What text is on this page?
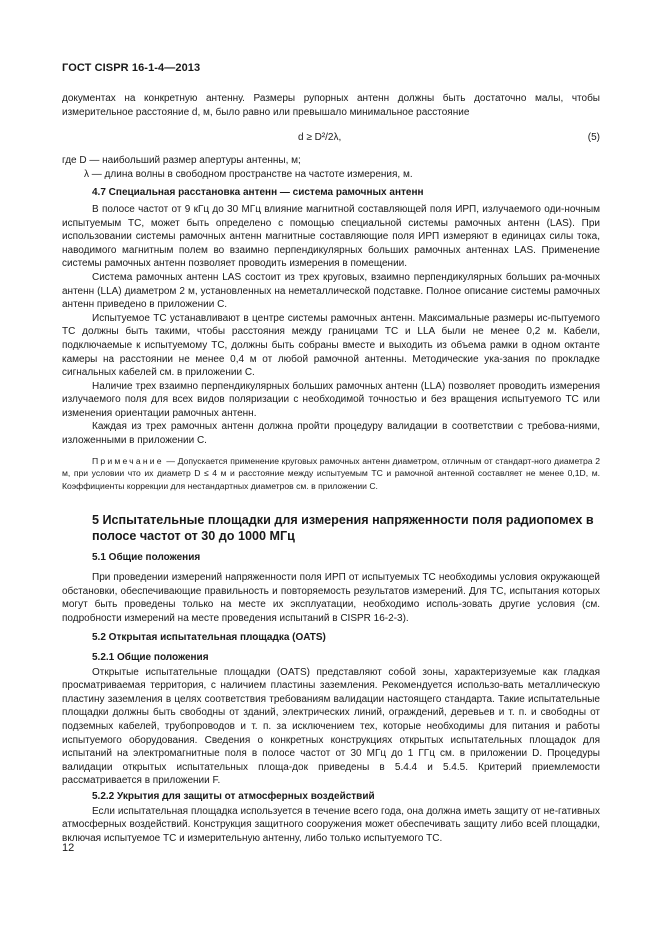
ГОСТ CISPR 16-1-4—2013

документах на конкретную антенну. Размеры рупорных антенн должны быть достаточно малы, чтобы измерительное расстояние d, м, было равно или превышало минимальное расстояние

d ≥ D²/2λ,	(5)

где D — наибольший размер апертуры антенны, м;

λ — длина волны в свободном пространстве на частоте измерения, м.

4.7 Специальная расстановка антенн — система рамочных антенн

В полосе частот от 9 кГц до 30 МГц влияние магнитной составляющей поля ИРП, излучаемого оди-ночным испытуемым ТС, может быть определено с помощью специальной системы рамочных антенн (LAS). При использовании системы рамочных антенн магнитные составляющие поля ИРП измеряют в единицах силы тока, наводимого магнитным полем во взаимно перпендикулярных больших рамочных антеннах LAS. Применение системы рамочных антенн позволяет проводить измерения в помещении.

Система рамочных антенн LAS состоит из трех круговых, взаимно перпендикулярных больших ра-мочных антенн (LLA) диаметром 2 м, установленных на неметаллической подставке. Полное описание системы рамочных антенн приведено в приложении C.

Испытуемое ТС устанавливают в центре системы рамочных антенн. Максимальные размеры ис-пытуемого ТС должны быть такими, чтобы расстояния между границами ТС и LLA были не менее 0,2 м. Кабели, подключаемые к испытуемому ТС, должны быть собраны вместе и выходить из объема рамки в одном октанте камеры на расстоянии не менее 0,4 м от любой рамочной антенны. Методические ука-зания по прокладке сигнальных кабелей см. в приложении C.

Наличие трех взаимно перпендикулярных больших рамочных антенн (LLA) позволяет проводить измерения излучаемого поля для всех видов поляризации с необходимой точностью и без вращения испытуемого ТС или изменения ориентации рамочных антенн.

Каждая из трех рамочных антенн должна пройти процедуру валидации в соответствии с требова-ниями, изложенными в приложении C.

Примечание — Допускается применение круговых рамочных антенн диаметром, отличным от стандарт-ного диаметра 2 м, при условии что их диаметр D ≤ 4 м и расстояние между испытуемым ТС и рамочной антенной составляет не менее 0,1D, м. Коэффициенты коррекции для нестандартных диаметров см. в приложении C.

5 Испытательные площадки для измерения напряженности поля радиопомех в полосе частот от 30 до 1000 МГц
5.1 Общие положения

При проведении измерений напряженности поля ИРП от испытуемых ТС необходимы условия окружающей обстановки, обеспечивающие правильность и повторяемость результатов измерений. Для ТС, испытания которых могут быть проведены только на месте их эксплуатации, необходимо исполь-зовать другие условия (см. подробности измерений на месте проведения испытаний в CISPR 16-2-3).

5.2 Открытая испытательная площадка (OATS)
5.2.1 Общие положения

Открытые испытательные площадки (OATS) представляют собой зоны, характеризуемые как гладкая просматриваемая территория, с наличием пластины заземления. Рекомендуется использо-вать металлическую пластину заземления в целях соответствия требованиям валидации настоящего стандарта. Такие испытательные площадки должны быть свободны от зданий, электрических линий, ограждений, деревьев и т. п. и свободны от подземных кабелей, трубопроводов и т. п. за исключением тех, которые необходимы для питания и работы испытуемого оборудования. Сведения о конкретных конструкциях открытых испытательных площадок для испытаний на электромагнитные поля в полосе частот от 30 МГц до 1 ГГц см. в приложении D. Процедуры валидации открытых испытательных площа-док приведены в 5.4.4 и 5.4.5. Критерий приемлемости рассматривается в приложении F.

5.2.2 Укрытия для защиты от атмосферных воздействий

Если испытательная площадка используется в течение всего года, она должна иметь защиту от не-гативных атмосферных воздействий. Конструкция защитного сооружения может обеспечивать защиту либо всей площадки, включая испытуемое ТС и измерительную антенну, либо только испытуемого ТС.

12
